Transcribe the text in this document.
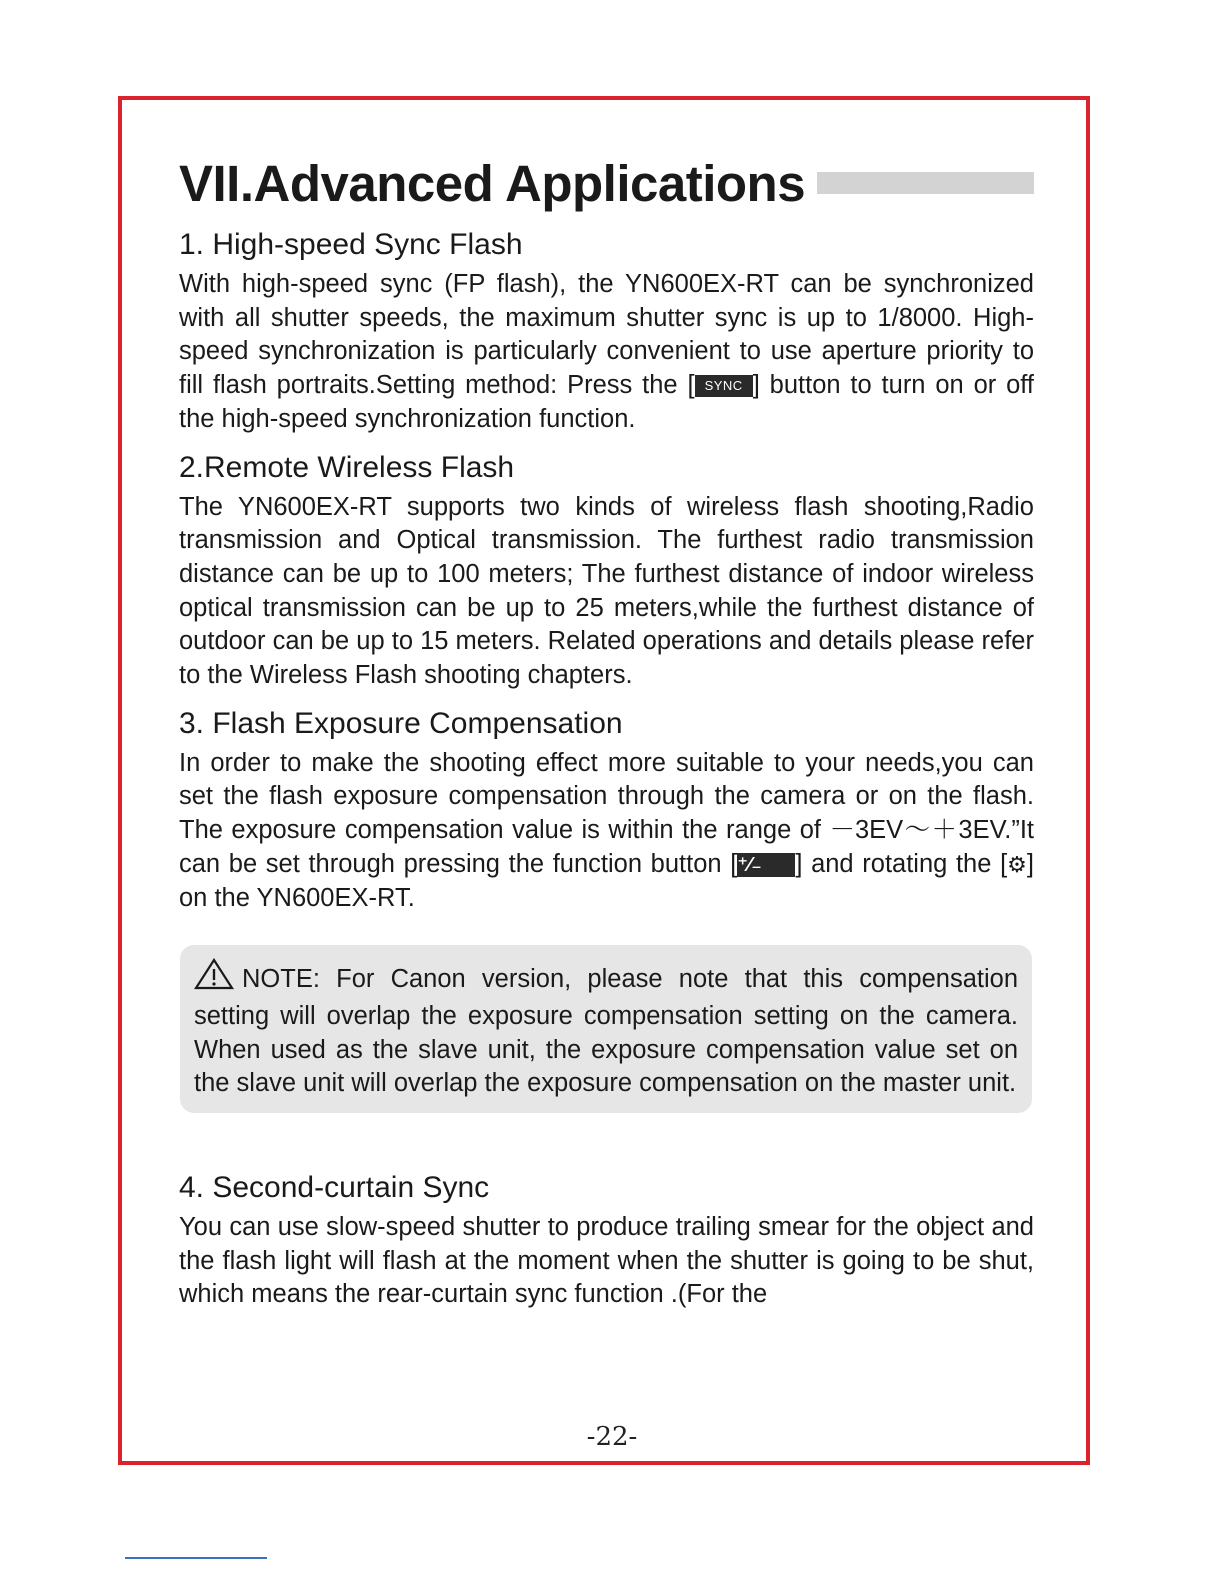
VII.Advanced Applications
1. High-speed Sync Flash

With high-speed sync (FP flash), the YN600EX-RT can be synchronized with all shutter speeds, the maximum shutter sync is up to 1/8000. High-speed synchronization is particularly convenient to use aperture priority to fill flash portraits.Setting method: Press the [ SYNC ] button to turn on or off the high-speed synchronization function.

2.Remote Wireless Flash

The YN600EX-RT supports two kinds of wireless flash shooting,Radio transmission and Optical transmission. The furthest radio transmission distance can be up to 100 meters; The furthest distance of indoor wireless optical transmission can be up to 25 meters,while the furthest distance of outdoor can be up to 15 meters. Related operations and details please refer to the Wireless Flash shooting chapters.

3. Flash Exposure Compensation

In order to make the shooting effect more suitable to your needs,you can set the flash exposure compensation through the camera or on the flash. The exposure compensation value is within the range of －3EV～＋3EV.”It can be set through pressing the function button [⁺⁄₋ ] and rotating the [⚙] on the YN600EX-RT.

NOTE: For Canon version, please note that this compensation setting will overlap the exposure compensation setting on the camera. When used as the slave unit, the exposure compensation value set on the slave unit will overlap the exposure compensation on the master unit.

4. Second-curtain Sync

You can use slow-speed shutter to produce trailing smear for the object and the flash light will flash at the moment when the shutter is going to be shut, which means the rear-curtain sync function .(For the

-22-
